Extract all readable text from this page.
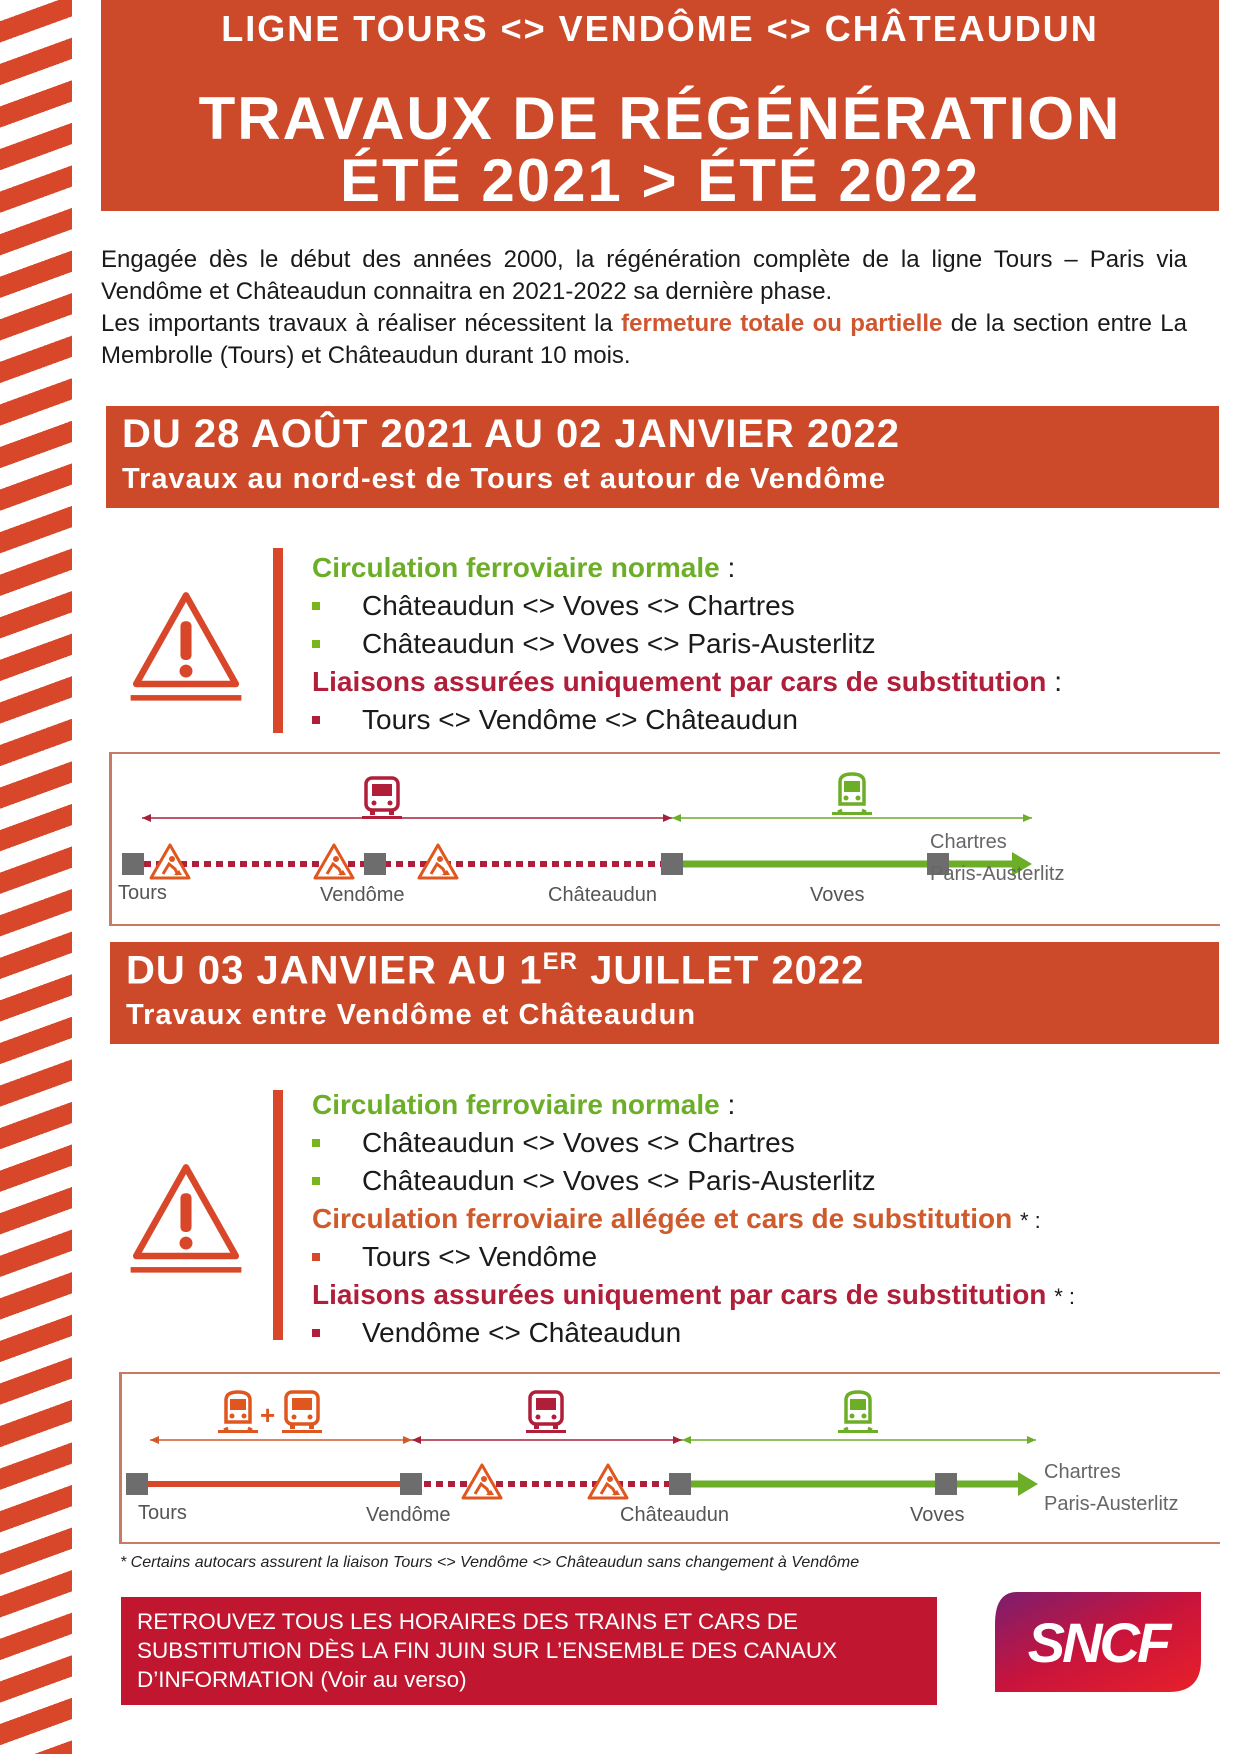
LIGNE TOURS <> VENDÔME <> CHÂTEAUDUN
TRAVAUX DE RÉGÉNÉRATION
ÉTÉ 2021 > ÉTÉ 2022
Engagée dès le début des années 2000, la régénération complète de la ligne Tours – Paris via Vendôme et Châteaudun connaitra en 2021-2022 sa dernière phase.
Les importants travaux à réaliser nécessitent la fermeture totale ou partielle de la section entre La Membrolle (Tours) et Châteaudun durant 10 mois.
DU 28 AOÛT 2021 AU 02 JANVIER 2022
Travaux au nord-est de Tours et autour de Vendôme
Circulation ferroviaire normale :
Châteaudun <> Voves <> Chartres
Châteaudun <> Voves <> Paris-Austerlitz
Liaisons assurées uniquement par cars de substitution :
Tours <> Vendôme <> Châteaudun
Tours	Vendôme	Châteaudun	Voves
Chartres
Paris-Austerlitz
DU 03 JANVIER AU 1ER JUILLET 2022
Travaux entre Vendôme et Châteaudun
Circulation ferroviaire normale :
Châteaudun <> Voves <> Chartres
Châteaudun <> Voves <> Paris-Austerlitz
Circulation ferroviaire allégée et cars de substitution * :
Tours <> Vendôme
Liaisons assurées uniquement par cars de substitution * :
Vendôme <> Châteaudun
+
Tours	Vendôme	Châteaudun	Voves
Chartres
Paris-Austerlitz
* Certains autocars assurent la liaison Tours <> Vendôme <> Châteaudun sans changement à Vendôme
RETROUVEZ TOUS LES HORAIRES DES TRAINS ET CARS DE
SUBSTITUTION DÈS LA FIN JUIN SUR L’ENSEMBLE DES CANAUX
D’INFORMATION (Voir au verso)
SNCF
